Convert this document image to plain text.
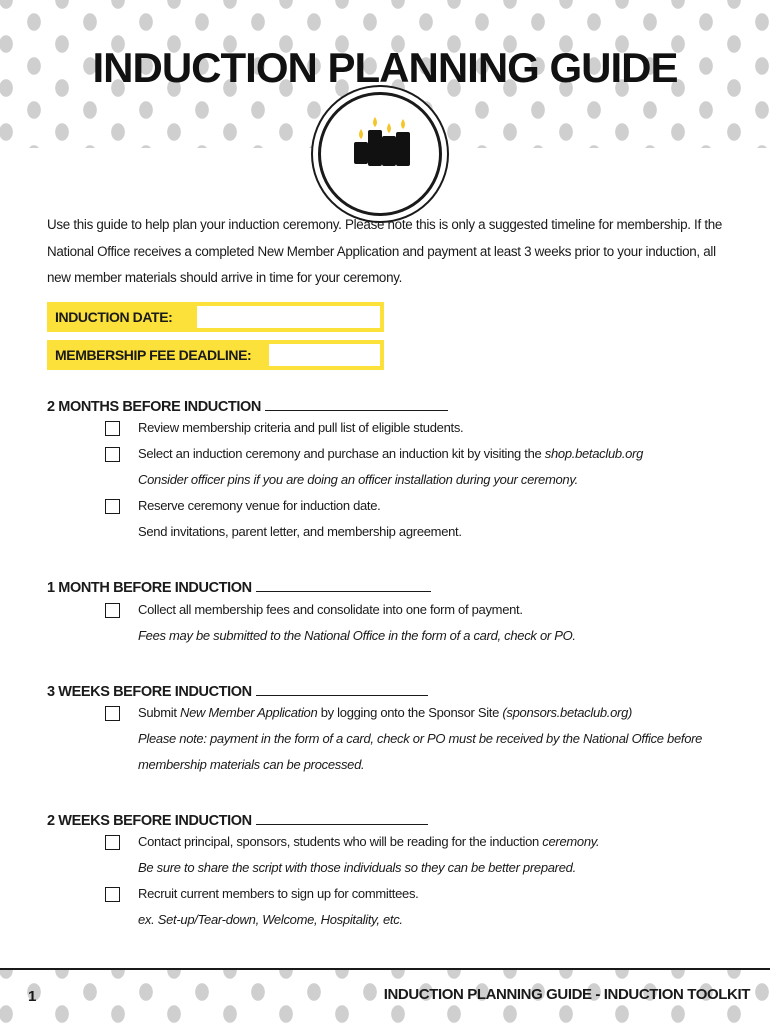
INDUCTION PLANNING GUIDE
Use this guide to help plan your induction ceremony. Please note this is only a suggested timeline for membership. If the
National Office receives a completed New Member Application and payment at least 3 weeks prior to your induction, all
new member materials should arrive in time for your ceremony.
INDUCTION DATE:
MEMBERSHIP FEE DEADLINE:
2 MONTHS BEFORE INDUCTION
Review membership criteria and pull list of eligible students.
Select an induction ceremony and purchase an induction kit by visiting the shop.betaclub.org
Consider officer pins if you are doing an officer installation during your ceremony.
Reserve ceremony venue for induction date.
Send invitations, parent letter, and membership agreement.
1 MONTH BEFORE INDUCTION
Collect all membership fees and consolidate into one form of payment.
Fees may be submitted to the National Office in the form of a card, check or PO.
3 WEEKS BEFORE INDUCTION
Submit New Member Application by logging onto the Sponsor Site (sponsors.betaclub.org)
Please note: payment in the form of a card, check or PO must be received by the National Office before
membership materials can be processed.
2 WEEKS BEFORE INDUCTION
Contact principal, sponsors, students who will be reading for the induction ceremony.
Be sure to share the script with those individuals so they can be better prepared.
Recruit current members to sign up for committees.
ex. Set-up/Tear-down, Welcome, Hospitality, etc.
1	INDUCTION PLANNING GUIDE - INDUCTION TOOLKIT
